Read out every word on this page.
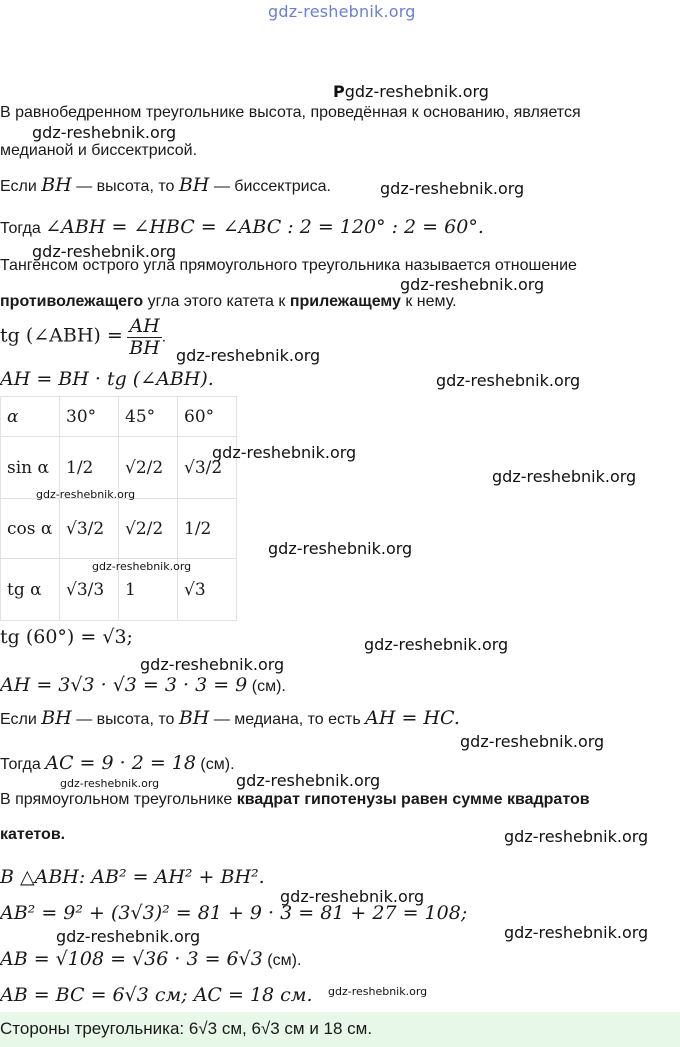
gdz-reshebnik.org
Рgdz-reshebnik.org
В равнобедренном треугольнике высота, проведённая к основанию, является
gdz-reshebnik.org
медианой и биссектрисой.
Если BH — высота, то BH — биссектриса.	gdz-reshebnik.org
Тогда ∠ABH = ∠HBC = ∠ABC : 2 = 120° : 2 = 60°.
gdz-reshebnik.org
Тангенсом острого угла прямоугольного треугольника называется отношение
gdz-reshebnik.org
противолежащего угла этого катета к прилежащему к нему.
tg (∠ABH) = $\frac{AH}{BH}$ .
gdz-reshebnik.org
AH = BH · tg (∠ABH).	gdz-reshebnik.org
α	30°	45°	60°
sin α	1/2	√2/2	√3/2
cos α	√3/2	√2/2	1/2
tg α	√3/3	1	√3
gdz-reshebnik.org
gdz-reshebnik.org
gdz-reshebnik.org
gdz-reshebnik.org
gdz-reshebnik.org
tg (60°) = √3;	gdz-reshebnik.org
gdz-reshebnik.org
AH = 3√3 · √3 = 3 · 3 = 9 (см).
Если BH — высота, то BH — медиана, то есть AH = HC.
gdz-reshebnik.org
Тогда AC = 9 · 2 = 18 (см).
gdz-reshebnik.org
gdz-reshebnik.org
В прямоугольном треугольнике квадрат гипотенузы равен сумме квадратов
катетов.	gdz-reshebnik.org
В △ABH: AB² = AH² + BH².
gdz-reshebnik.org
AB² = 9² + (3√3)² = 81 + 9 · 3 = 81 + 27 = 108;
gdz-reshebnik.org	gdz-reshebnik.org
AB = √108 = √36 · 3 = 6√3 (см).
AB = BC = 6√3 см; AC = 18 см. gdz-reshebnik.org
Стороны треугольника: 6√3 см, 6√3 см и 18 см.
